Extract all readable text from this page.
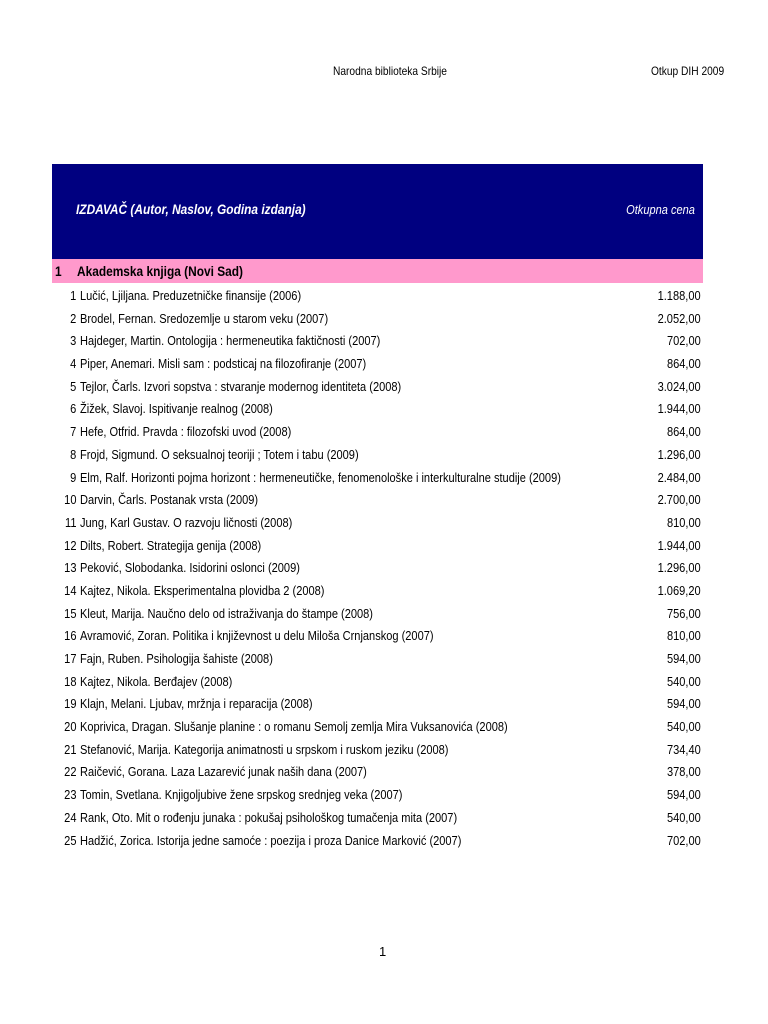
Narodna biblioteka Srbije	Otkup DIH 2009
IZDAVAČ (Autor, Naslov, Godina izdanja)	Otkupna cena
1 Akademska knjiga (Novi Sad)
1 Lučić, Ljiljana. Preduzetničke finansije (2006)	1.188,00
2 Brodel, Fernan. Sredozemlje u starom veku (2007)	2.052,00
3 Hajdeger, Martin. Ontologija : hermeneutika faktičnosti (2007)	702,00
4 Piper, Anemari. Misli sam : podsticaj na filozofiranje (2007)	864,00
5 Tejlor, Čarls. Izvori sopstva : stvaranje modernog identiteta (2008)	3.024,00
6 Žižek, Slavoj. Ispitivanje realnog (2008)	1.944,00
7 Hefe, Otfrid. Pravda : filozofski uvod (2008)	864,00
8 Frojd, Sigmund. O seksualnoj teoriji ; Totem i tabu (2009)	1.296,00
9 Elm, Ralf. Horizonti pojma horizont : hermeneutičke, fenomenološke i interkulturalne studije (2009)	2.484,00
10 Darvin, Čarls. Postanak vrsta (2009)	2.700,00
11 Jung, Karl Gustav. O razvoju ličnosti (2008)	810,00
12 Dilts, Robert. Strategija genija (2008)	1.944,00
13 Peković, Slobodanka. Isidorini oslonci (2009)	1.296,00
14 Kajtez, Nikola. Eksperimentalna plovidba 2 (2008)	1.069,20
15 Kleut, Marija. Naučno delo od istraživanja do štampe (2008)	756,00
16 Avramović, Zoran. Politika i književnost u delu Miloša Crnjanskog (2007)	810,00
17 Fajn, Ruben. Psihologija šahiste (2008)	594,00
18 Kajtez, Nikola. Berđajev (2008)	540,00
19 Klajn, Melani. Ljubav, mržnja i reparacija (2008)	594,00
20 Koprivica, Dragan. Slušanje planine : o romanu Semolj zemlja Mira Vuksanovića (2008)	540,00
21 Stefanović, Marija. Kategorija animatnosti u srpskom i ruskom jeziku (2008)	734,40
22 Raičević, Gorana. Laza Lazarević junak naših dana (2007)	378,00
23 Tomin, Svetlana. Knjigoljubive žene srpskog srednjeg veka (2007)	594,00
24 Rank, Oto. Mit o rođenju junaka : pokušaj psihološkog tumačenja mita (2007)	540,00
25 Hadžić, Zorica. Istorija jedne samoće : poezija i proza Danice Marković (2007)	702,00
1
